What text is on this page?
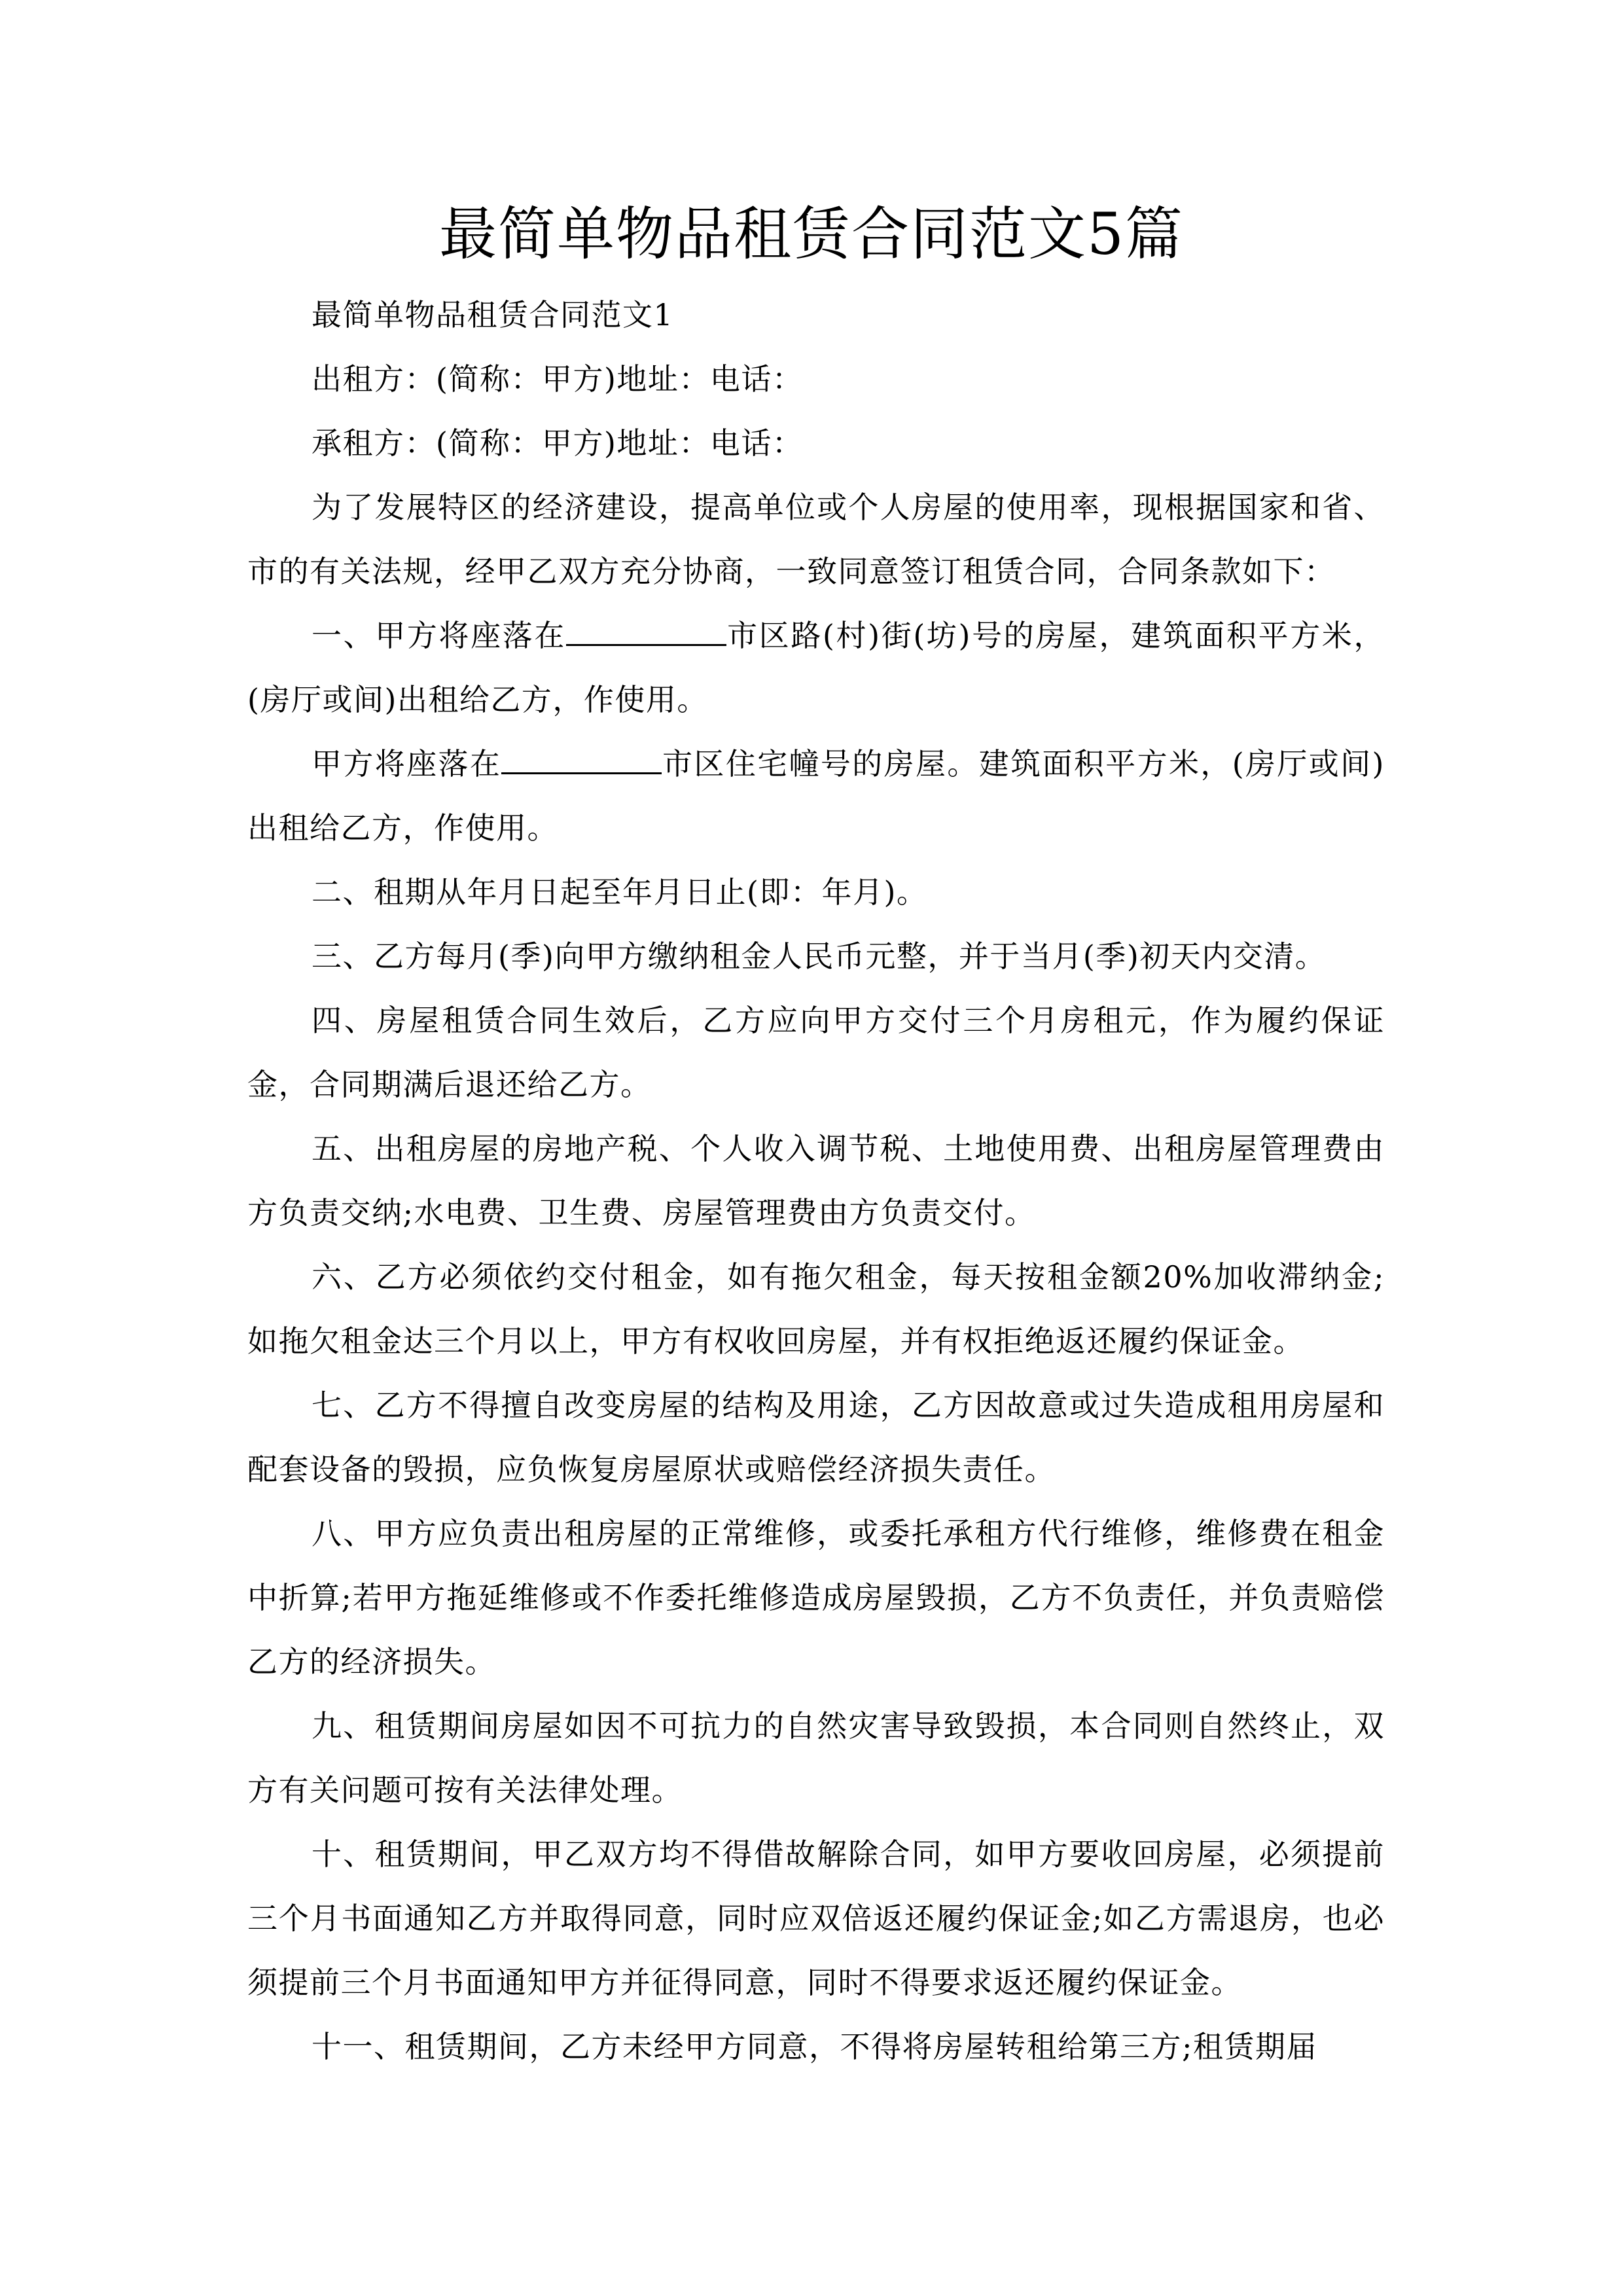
最简单物品租赁合同范文5篇

最简单物品租赁合同范文1

出租方：(简称：甲方)地址：电话：

承租方：(简称：甲方)地址：电话：

为了发展特区的经济建设，提高单位或个人房屋的使用率，现根据国家和省、市的有关法规，经甲乙双方充分协商，一致同意签订租赁合同，合同条款如下：

一、甲方将座落在	市区路(村)街(坊)号的房屋，建筑面积平方米，(房厅或间)出租给乙方，作使用。

甲方将座落在	市区住宅幢号的房屋。建筑面积平方米，(房厅或间)出租给乙方，作使用。

二、租期从年月日起至年月日止(即：年月)。

三、乙方每月(季)向甲方缴纳租金人民币元整，并于当月(季)初天内交清。

四、房屋租赁合同生效后，乙方应向甲方交付三个月房租元，作为履约保证金，合同期满后退还给乙方。

五、出租房屋的房地产税、个人收入调节税、土地使用费、出租房屋管理费由方负责交纳;水电费、卫生费、房屋管理费由方负责交付。

六、乙方必须依约交付租金，如有拖欠租金，每天按租金额20%加收滞纳金;如拖欠租金达三个月以上，甲方有权收回房屋，并有权拒绝返还履约保证金。

七、乙方不得擅自改变房屋的结构及用途，乙方因故意或过失造成租用房屋和配套设备的毁损，应负恢复房屋原状或赔偿经济损失责任。

八、甲方应负责出租房屋的正常维修，或委托承租方代行维修，维修费在租金中折算;若甲方拖延维修或不作委托维修造成房屋毁损，乙方不负责任，并负责赔偿乙方的经济损失。

九、租赁期间房屋如因不可抗力的自然灾害导致毁损，本合同则自然终止，双方有关问题可按有关法律处理。

十、租赁期间，甲乙双方均不得借故解除合同，如甲方要收回房屋，必须提前三个月书面通知乙方并取得同意，同时应双倍返还履约保证金;如乙方需退房，也必须提前三个月书面通知甲方并征得同意，同时不得要求返还履约保证金。

十一、租赁期间，乙方未经甲方同意，不得将房屋转租给第三方;租赁期届
